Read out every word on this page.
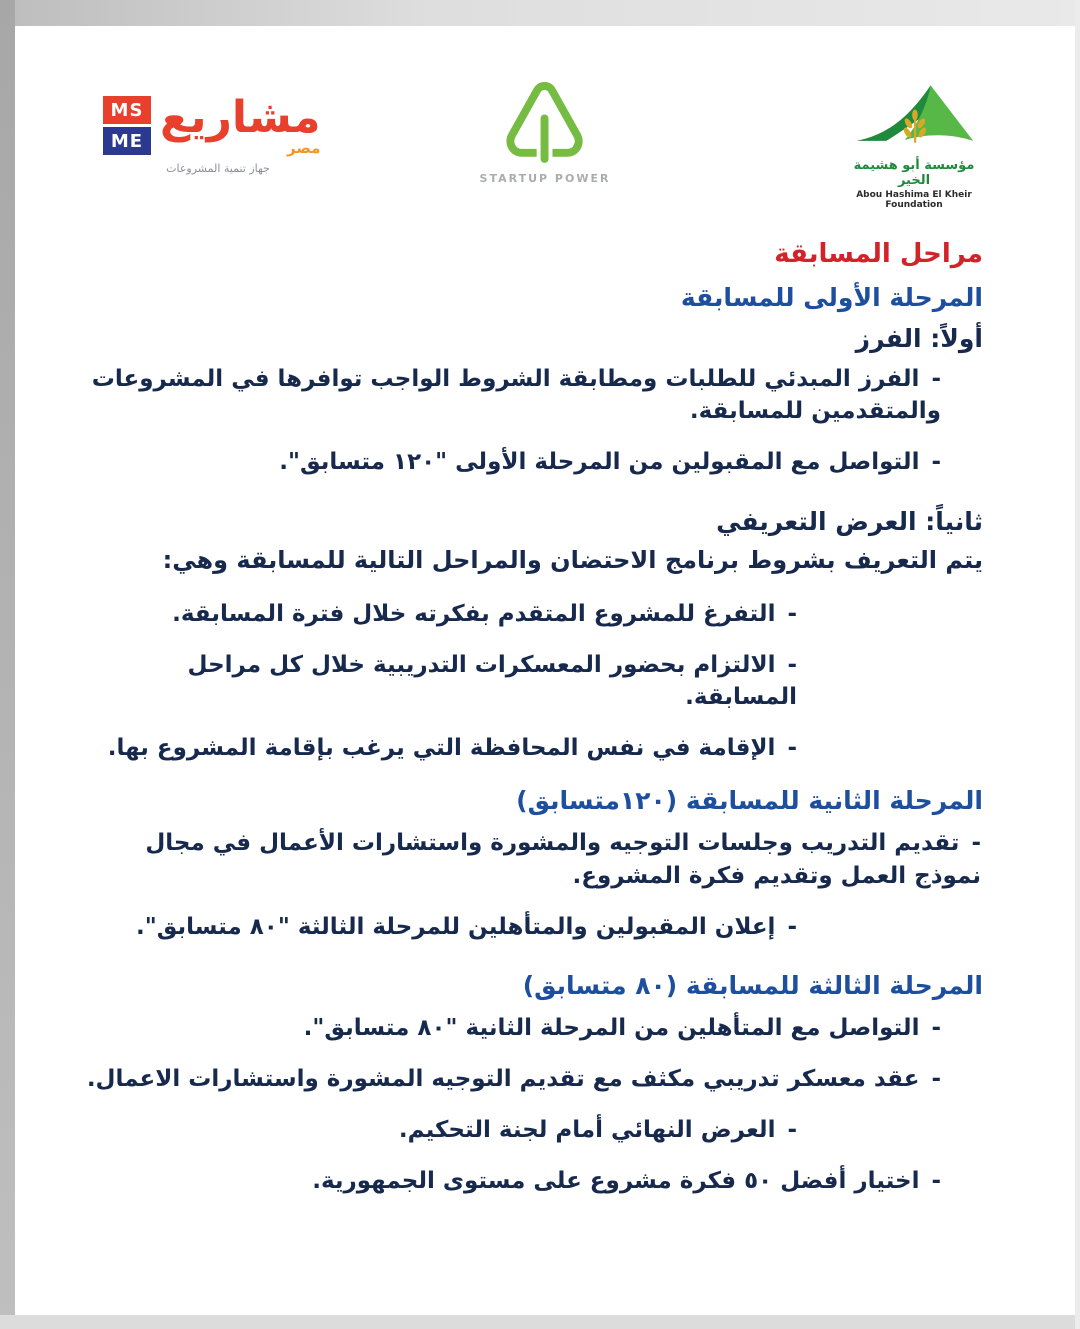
MS
ME مشاريع
مصر
جهاز تنمية المشروعات
STARTUP POWER
مؤسسة أبو هشيمة الخير
Abou Hashima El Kheir Foundation
مراحل المسابقة
المرحلة الأولى للمسابقة
أولاً: الفرز
- الفرز المبدئي للطلبات ومطابقة الشروط الواجب توافرها في المشروعات والمتقدمين للمسابقة.
- التواصل مع المقبولين من المرحلة الأولى "١٢٠ متسابق".
ثانياً: العرض التعريفي
يتم التعريف بشروط برنامج الاحتضان والمراحل التالية للمسابقة وهي:
- التفرغ للمشروع المتقدم بفكرته خلال فترة المسابقة.
- الالتزام بحضور المعسكرات التدريبية خلال كل مراحل المسابقة.
- الإقامة في نفس المحافظة التي يرغب بإقامة المشروع بها.
المرحلة الثانية للمسابقة (١٢٠متسابق)
- تقديم التدريب وجلسات التوجيه والمشورة واستشارات الأعمال في مجال نموذج العمل وتقديم فكرة المشروع.
- إعلان المقبولين والمتأهلين للمرحلة الثالثة "٨٠ متسابق".
المرحلة الثالثة للمسابقة (٨٠ متسابق)
- التواصل مع المتأهلين من المرحلة الثانية "٨٠ متسابق".
- عقد معسكر تدريبي مكثف مع تقديم التوجيه المشورة واستشارات الاعمال.
- العرض النهائي أمام لجنة التحكيم.
- اختيار أفضل ٥٠ فكرة مشروع على مستوى الجمهورية.
